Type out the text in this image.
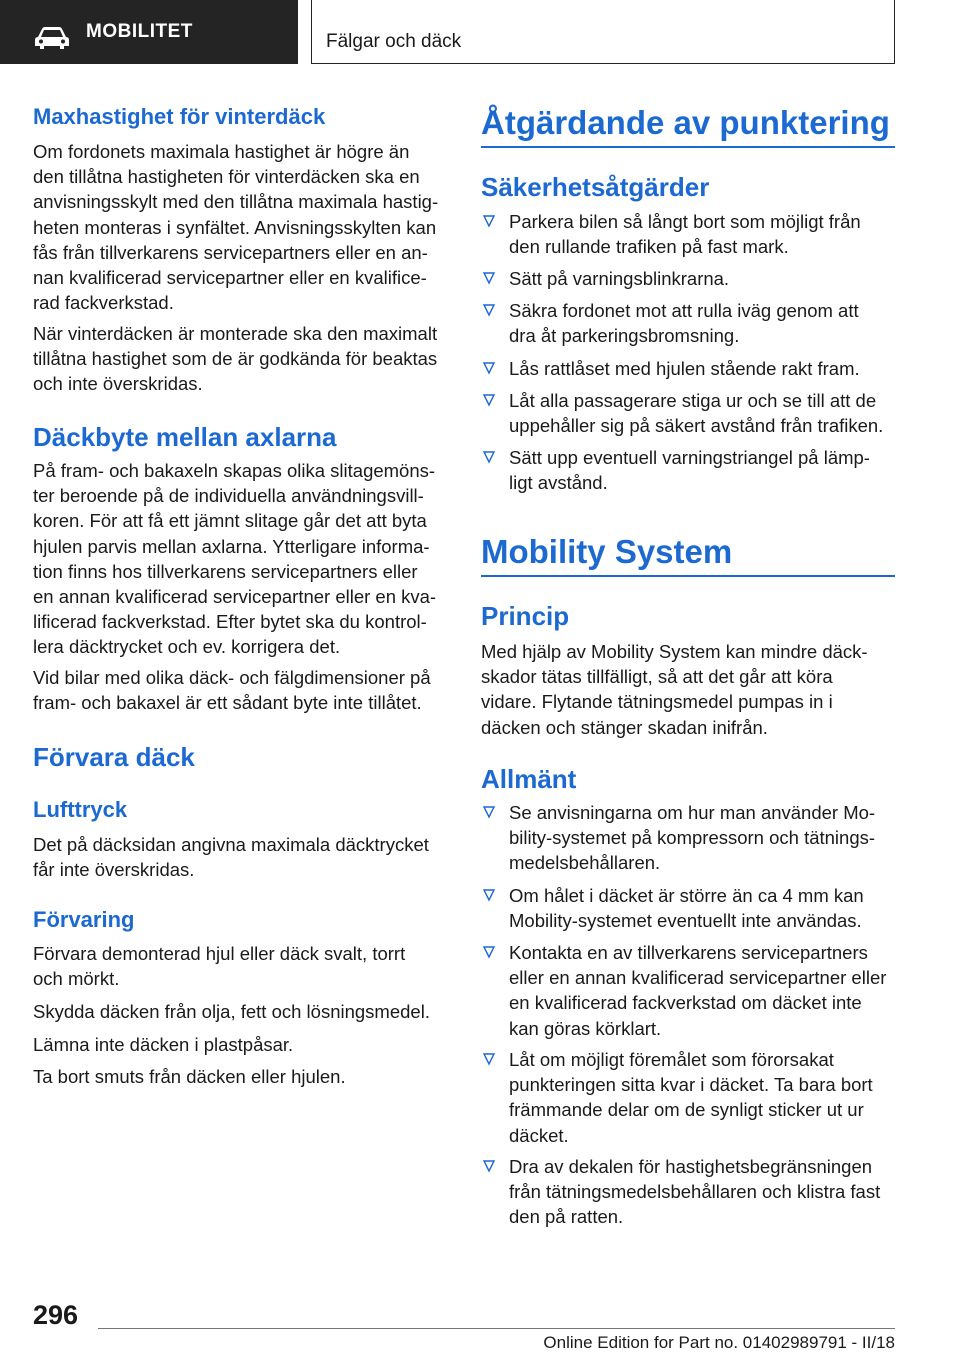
MOBILITET	Fälgar och däck
Maxhastighet för vinterdäck
Om fordonets maximala hastighet är högre än
den tillåtna hastigheten för vinterdäcken ska en
anvisningsskylt med den tillåtna maximala hastig‐
heten monteras i synfältet. Anvisningsskylten kan
fås från tillverkarens servicepartners eller en an‐
nan kvalificerad servicepartner eller en kvalifice‐
rad fackverkstad.
När vinterdäcken är monterade ska den maximalt
tillåtna hastighet som de är godkända för beaktas
och inte överskridas.
Däckbyte mellan axlarna
På fram- och bakaxeln skapas olika slitagemöns‐
ter beroende på de individuella användningsvill‐
koren. För att få ett jämnt slitage går det att byta
hjulen parvis mellan axlarna. Ytterligare informa‐
tion finns hos tillverkarens servicepartners eller
en annan kvalificerad servicepartner eller en kva‐
lificerad fackverkstad. Efter bytet ska du kontrol‐
lera däcktrycket och ev. korrigera det.
Vid bilar med olika däck- och fälgdimensioner på
fram- och bakaxel är ett sådant byte inte tillåtet.
Förvara däck
Lufttryck
Det på däcksidan angivna maximala däcktrycket
får inte överskridas.
Förvaring
Förvara demonterad hjul eller däck svalt, torrt
och mörkt.
Skydda däcken från olja, fett och lösningsmedel.
Lämna inte däcken i plastpåsar.
Ta bort smuts från däcken eller hjulen.
Åtgärdande av punktering
Säkerhetsåtgärder
Parkera bilen så långt bort som möjligt från
den rullande trafiken på fast mark.
Sätt på varningsblinkrarna.
Säkra fordonet mot att rulla iväg genom att
dra åt parkeringsbromsning.
Lås rattlåset med hjulen stående rakt fram.
Låt alla passagerare stiga ur och se till att de
uppehåller sig på säkert avstånd från trafiken.
Sätt upp eventuell varningstriangel på lämp‐
ligt avstånd.
Mobility System
Princip
Med hjälp av Mobility System kan mindre däck‐
skador tätas tillfälligt, så att det går att köra
vidare. Flytande tätningsmedel pumpas in i
däcken och stänger skadan inifrån.
Allmänt
Se anvisningarna om hur man använder Mo‐
bility-systemet på kompressorn och tätnings‐
medelsbehållaren.
Om hålet i däcket är större än ca 4 mm kan
Mobility-systemet eventuellt inte användas.
Kontakta en av tillverkarens servicepartners
eller en annan kvalificerad servicepartner eller
en kvalificerad fackverkstad om däcket inte
kan göras körklart.
Låt om möjligt föremålet som förorsakat
punkteringen sitta kvar i däcket. Ta bara bort
främmande delar om de synligt sticker ut ur
däcket.
Dra av dekalen för hastighetsbegränsningen
från tätningsmedelsbehållaren och klistra fast
den på ratten.
296
Online Edition for Part no. 01402989791 - II/18
